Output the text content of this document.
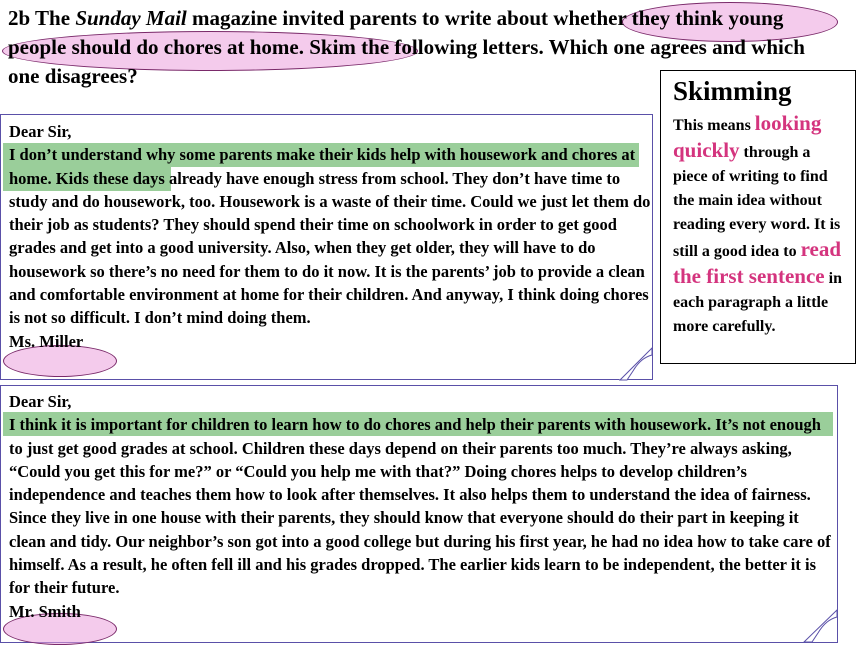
2b The Sunday Mail magazine invited parents to write about whether they think young people should do chores at home. Skim the following letters. Which one agrees and which one disagrees?	Skimming

This means looking quickly through a piece of writing to find the main idea without reading every word. It is still a good idea to read the first sentence in each paragraph a little more carefully.

Dear Sir,
I don’t understand why some parents make their kids help with housework and chores at home. Kids these days already have enough stress from school. They don’t have time to study and do housework, too. Housework is a waste of their time. Could we just let them do their job as students? They should spend their time on schoolwork in order to get good grades and get into a good university. Also, when they get older, they will have to do housework so there’s no need for them to do it now. It is the parents’ job to provide a clean and comfortable environment at home for their children. And anyway, I think doing chores is not so difficult. I don’t mind doing them.
Ms. Miller
Dear Sir,
I think it is important for children to learn how to do chores and help their parents with housework. It’s not enough to just get good grades at school. Children these days depend on their parents too much. They’re always asking, “Could you get this for me?” or “Could you help me with that?” Doing chores helps to develop children’s independence and teaches them how to look after themselves. It also helps them to understand the idea of fairness. Since they live in one house with their parents, they should know that everyone should do their part in keeping it clean and tidy. Our neighbor’s son got into a good college but during his first year, he had no idea how to take care of himself. As a result, he often fell ill and his grades dropped. The earlier kids learn to be independent, the better it is for their future.
Mr. Smith
